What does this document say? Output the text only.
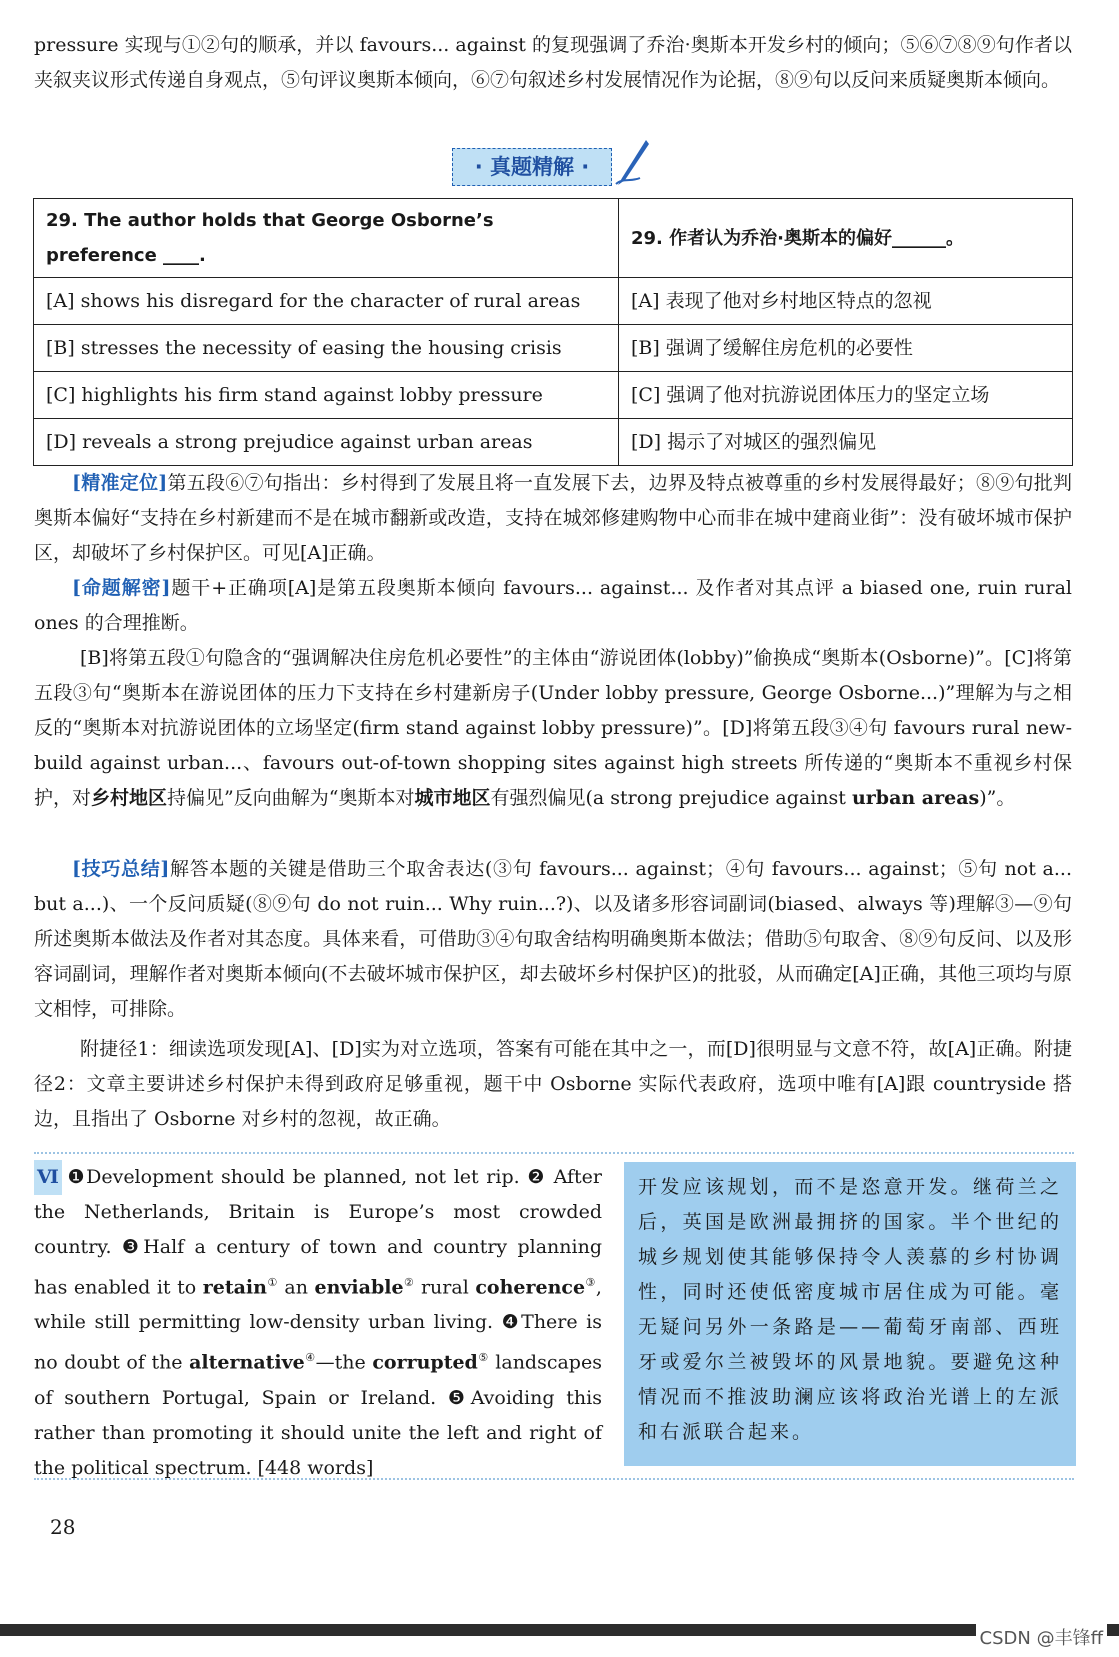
pressure 实现与①②句的顺承，并以 favours... against 的复现强调了乔治·奥斯本开发乡村的倾向；⑤⑥⑦⑧⑨句作者以夹叙夹议形式传递自身观点，⑤句评议奥斯本倾向，⑥⑦句叙述乡村发展情况作为论据，⑧⑨句以反问来质疑奥斯本倾向。
· 真题精解 ·
29. The author holds that George Osborne’s preference ____.	29. 作者认为乔治·奥斯本的偏好______。
[A] shows his disregard for the character of rural areas	[A] 表现了他对乡村地区特点的忽视
[B] stresses the necessity of easing the housing crisis	[B] 强调了缓解住房危机的必要性
[C] highlights his firm stand against lobby pressure	[C] 强调了他对抗游说团体压力的坚定立场
[D] reveals a strong prejudice against urban areas	[D] 揭示了对城区的强烈偏见
[精准定位]第五段⑥⑦句指出：乡村得到了发展且将一直发展下去，边界及特点被尊重的乡村发展得最好；⑧⑨句批判奥斯本偏好“支持在乡村新建而不是在城市翻新或改造，支持在城郊修建购物中心而非在城中建商业街”：没有破坏城市保护区，却破坏了乡村保护区。可见[A]正确。
[命题解密]题干+正确项[A]是第五段奥斯本倾向 favours... against... 及作者对其点评 a biased one, ruin rural ones 的合理推断。
[B]将第五段①句隐含的“强调解决住房危机必要性”的主体由“游说团体(lobby)”偷换成“奥斯本(Osborne)”。[C]将第五段③句“奥斯本在游说团体的压力下支持在乡村建新房子(Under lobby pressure, George Osborne...)”理解为与之相反的“奥斯本对抗游说团体的立场坚定(firm stand against lobby pressure)”。[D]将第五段③④句 favours rural new-build against urban...、favours out-of-town shopping sites against high streets 所传递的“奥斯本不重视乡村保护，对乡村地区持偏见”反向曲解为“奥斯本对城市地区有强烈偏见(a strong prejudice against urban areas)”。
[技巧总结]解答本题的关键是借助三个取舍表达(③句 favours... against；④句 favours... against；⑤句 not a... but a...)、一个反问质疑(⑧⑨句 do not ruin... Why ruin...?)、以及诸多形容词副词(biased、always 等)理解③—⑨句所述奥斯本做法及作者对其态度。具体来看，可借助③④句取舍结构明确奥斯本做法；借助⑤句取舍、⑧⑨句反问、以及形容词副词，理解作者对奥斯本倾向(不去破坏城市保护区，却去破坏乡村保护区)的批驳，从而确定[A]正确，其他三项均与原文相悖，可排除。
附捷径1：细读选项发现[A]、[D]实为对立选项，答案有可能在其中之一，而[D]很明显与文意不符，故[A]正确。附捷径2：文章主要讲述乡村保护未得到政府足够重视，题干中 Osborne 实际代表政府，选项中唯有[A]跟 countryside 搭边，且指出了 Osborne 对乡村的忽视，故正确。
Ⅵ ❶Development should be planned, not let rip. ❷ After the Netherlands, Britain is Europe’s most crowded country. ❸Half a century of town and country planning has enabled it to retain① an enviable② rural coherence③, while still permitting low-density urban living. ❹There is no doubt of the alternative④—the corrupted⑤ landscapes of southern Portugal, Spain or Ireland. ❺Avoiding this rather than promoting it should unite the left and right of the political spectrum. [448 words]
开发应该规划，而不是恣意开发。继荷兰之后，英国是欧洲最拥挤的国家。半个世纪的城乡规划使其能够保持令人羡慕的乡村协调性，同时还使低密度城市居住成为可能。毫无疑问另外一条路是——葡萄牙南部、西班牙或爱尔兰被毁坏的风景地貌。要避免这种情况而不推波助澜应该将政治光谱上的左派和右派联合起来。
28
CSDN @丰锋ff
